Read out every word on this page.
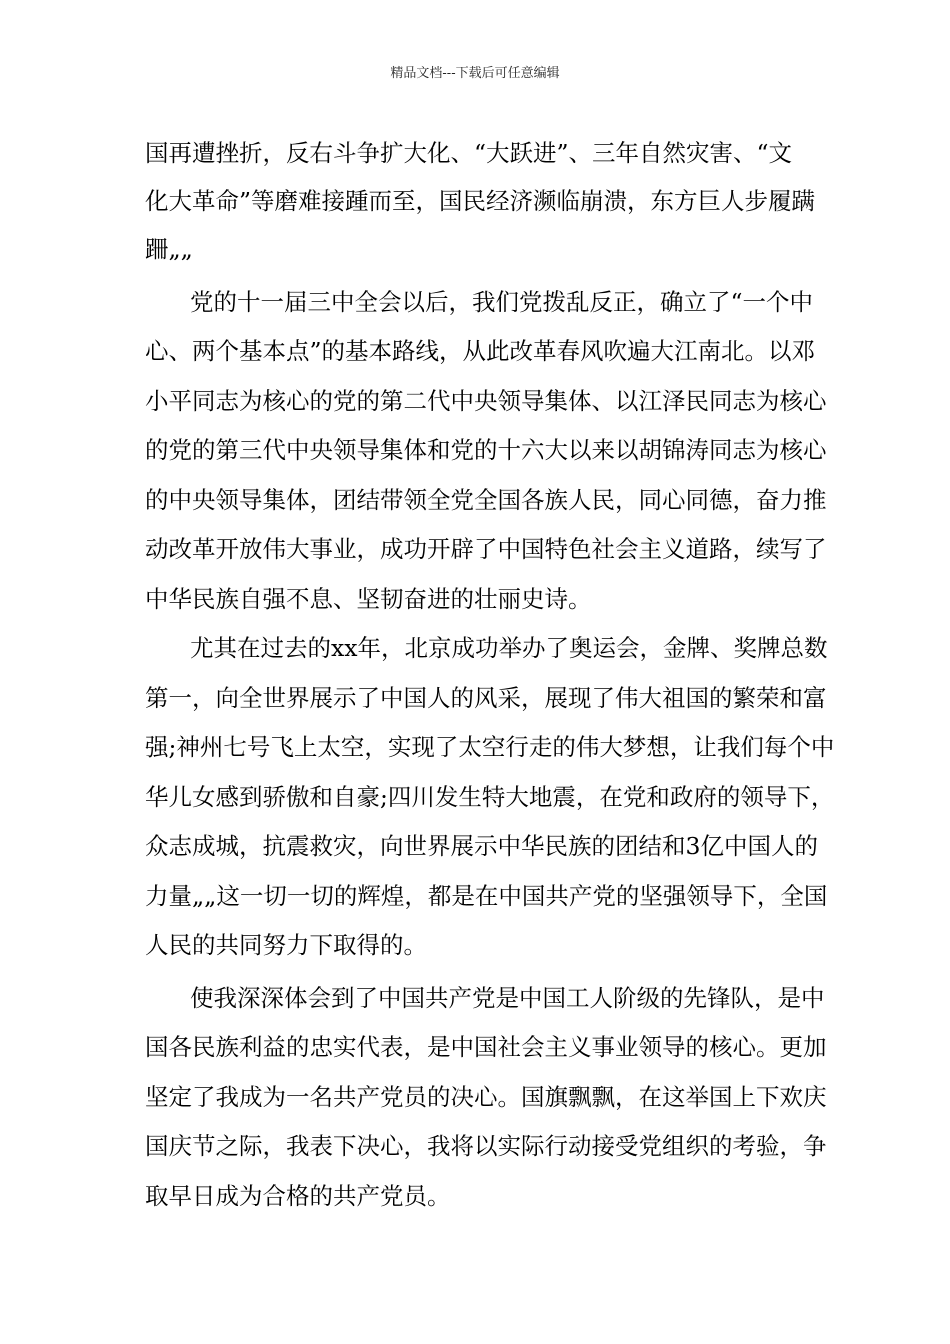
精品文档---下载后可任意编辑
国再遭挫折，反右斗争扩大化、“大跃进”、三年自然灾害、“文
化大革命”等磨难接踵而至，国民经济濒临崩溃，东方巨人步履蹒
跚„„
党的十一届三中全会以后，我们党拨乱反正，确立了“一个中
心、两个基本点”的基本路线，从此改革春风吹遍大江南北。以邓
小平同志为核心的党的第二代中央领导集体、以江泽民同志为核心
的党的第三代中央领导集体和党的十六大以来以胡锦涛同志为核心
的中央领导集体，团结带领全党全国各族人民，同心同德，奋力推
动改革开放伟大事业，成功开辟了中国特色社会主义道路，续写了
中华民族自强不息、坚韧奋进的壮丽史诗。
尤其在过去的xx年，北京成功举办了奥运会，金牌、奖牌总数
第一，向全世界展示了中国人的风采，展现了伟大祖国的繁荣和富
强;神州七号飞上太空，实现了太空行走的伟大梦想，让我们每个中
华儿女感到骄傲和自豪;四川发生特大地震，在党和政府的领导下，
众志成城，抗震救灾，向世界展示中华民族的团结和3亿中国人的
力量„„这一切一切的辉煌，都是在中国共产党的坚强领导下，全国
人民的共同努力下取得的。
使我深深体会到了中国共产党是中国工人阶级的先锋队，是中
国各民族利益的忠实代表，是中国社会主义事业领导的核心。更加
坚定了我成为一名共产党员的决心。国旗飘飘，在这举国上下欢庆
国庆节之际，我表下决心，我将以实际行动接受党组织的考验，争
取早日成为合格的共产党员。
